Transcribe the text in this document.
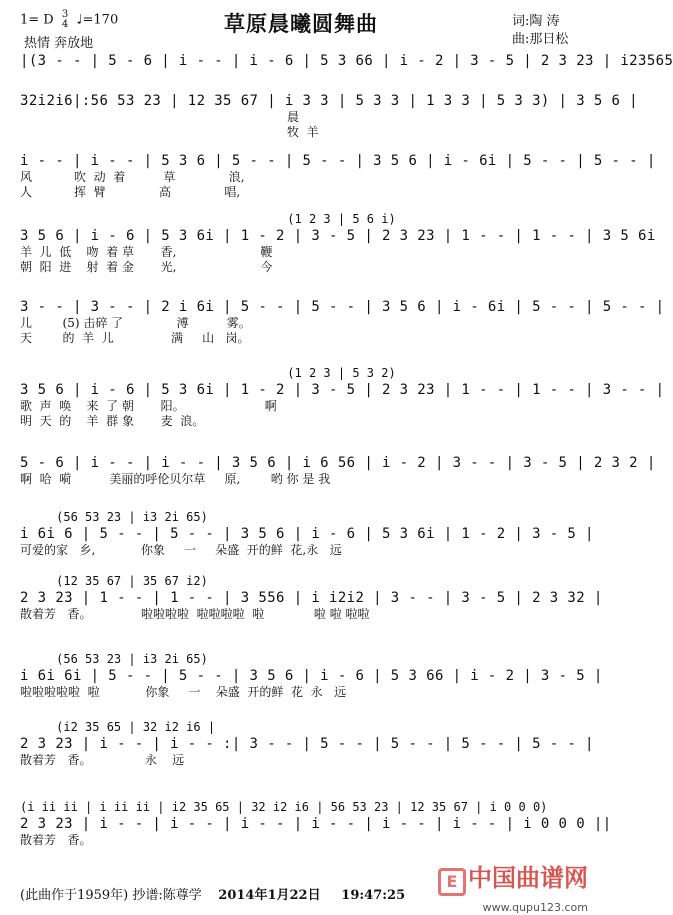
1= D 3
4 ♩=170
热情 奔放地
草原晨曦圆舞曲	词:陶 涛
曲:那日松
|(3 - - | 5 - 6 | i - - | i - 6 | 5 3 66 | i - 2 | 3 - 5 | 2 3 23 | i23565
32i2i6|:56 53 23 | 12 35 67 | i 3 3 | 5 3 3 | 1 3 3 | 5 3 3) | 3 5 6 |
晨
牧  羊
i - - | i - - | 5 3 6 | 5 - - | 5 - - | 3 5 6 | i - 6i | 5 - - | 5 - - |
风           吹  动  着          草              浪,
人           挥  臂              高              唱,
(1 2 3 | 5 6 i)
3 5 6 | i - 6 | 5 3 6i | 1 - 2 | 3 - 5 | 2 3 23 | 1 - - | 1 - - | 3 5 6i
羊  儿  低    吻  着 草       香,                      鞭
朝  阳  进    射  着 金       光,                      今
3 - - | 3 - - | 2 i 6i | 5 - - | 5 - - | 3 5 6 | i - 6i | 5 - - | 5 - - |
儿        (5) 击碎 了              溥          雾。
天        的  羊  儿               满     山   岗。
(1 2 3 | 5 3 2)
3 5 6 | i - 6 | 5 3 6i | 1 - 2 | 3 - 5 | 2 3 23 | 1 - - | 1 - - | 3 - - |
歌  声  唤    来  了 朝       阳。                     啊
明  天  的    羊  群 象       麦  浪。
5 - 6 | i - - | i - - | 3 5 6 | i 6 56 | i - 2 | 3 - - | 3 - 5 | 2 3 2 |
啊  哈  嗬          美丽的呼伦贝尔草     原,        哟 你 是 我
(56 53 23 | i3 2i 65)
i 6i 6 | 5 - - | 5 - - | 3 5 6 | i - 6 | 5 3 6i | 1 - 2 | 3 - 5 |
可爱的家   乡,            你象     一     朵盛  开的鲜  花,永   远
(12 35 67 | 35 67 i2)
2 3 23 | 1 - - | 1 - - | 3 556 | i i2i2 | 3 - - | 3 - 5 | 2 3 32 |
散着芳   香。             啦啦啦啦  啦啦啦啦  啦             啦 啦 啦啦
(56 53 23 | i3 2i 65)
i 6i 6i | 5 - - | 5 - - | 3 5 6 | i - 6 | 5 3 66 | i - 2 | 3 - 5 |
啦啦啦啦啦  啦            你象     一    朵盛  开的鲜  花  永   远
(i2 35 65 | 32 i2 i6 |
2 3 23 | i - - | i - - :| 3 - - | 5 - - | 5 - - | 5 - - | 5 - - |
散着芳   香。              永    远
(i ii ii | i ii ii | i2 35 65 | 32 i2 i6 | 56 53 23 | 12 35 67 | i 0 0 0)
2 3 23 | i - - | i - - | i - - | i - - | i - - | i - - | i 0 0 0 ||
散着芳   香。
(此曲作于1959年) 抄谱:陈尊学 2014年1月22日 19:47:25
E 中国曲谱网
www.qupu123.com
